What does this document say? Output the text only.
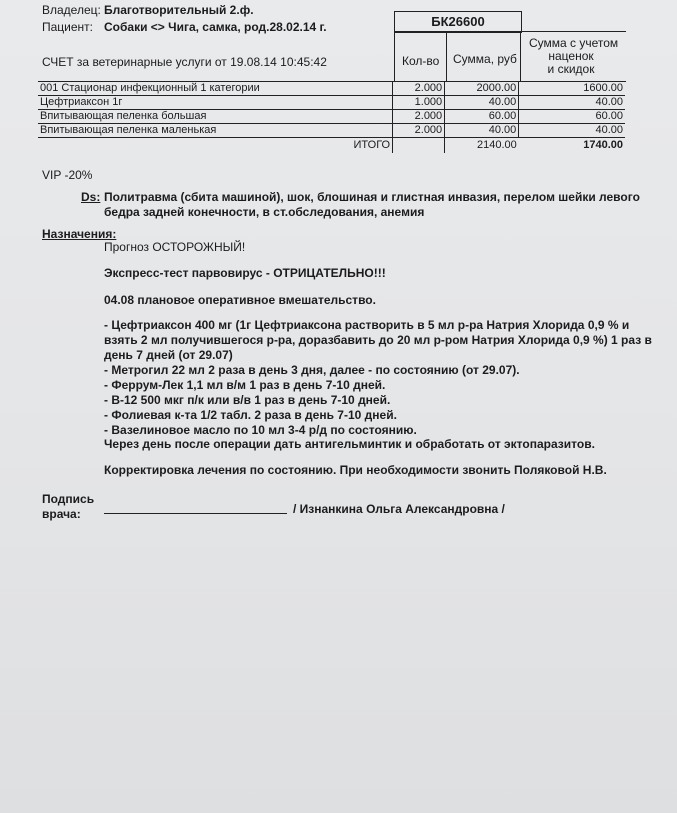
Владелец: Благотворительный 2.ф.
Пациент: Собаки <> Чига, самка, род.28.02.14 г.	БК26600
СЧЕТ за ветеринарные услуги от 19.08.14 10:45:42	Кол-во Сумма, руб
Сумма с учетом
наценок
и скидок
001 Стационар инфекционный 1 категории	2.000	2000.00	1600.00
Цефтриаксон 1г	1.000	40.00	40.00
Впитывающая пеленка большая	2.000	60.00	60.00
Впитывающая пеленка маленькая	2.000	40.00	40.00
ИТОГО		2140.00	1740.00
VIP -20%
Ds: Политравма (сбита машиной), шок, блошиная и глистная инвазия, перелом шейки левого
бедра задней конечности, в ст.обследования, анемия
Назначения:
Прогноз ОСТОРОЖНЫЙ!
Экспресс-тест парвовирус - ОТРИЦАТЕЛЬНО!!!
04.08 плановое оперативное вмешательство.
- Цефтриаксон 400 мг (1г Цефтриаксона растворить в 5 мл р-ра Натрия Хлорида 0,9 % и
взять 2 мл получившегося р-ра, доразбавить до 20 мл р-ром Натрия Хлорида 0,9 %) 1 раз в
день 7 дней (от 29.07)
- Метрогил 22 мл 2 раза в день 3 дня, далее - по состоянию (от 29.07).
- Феррум-Лек 1,1 мл в/м 1 раз в день 7-10 дней.
- В-12 500 мкг п/к или в/в 1 раз в день 7-10 дней.
- Фолиевая к-та 1/2 табл. 2 раза в день 7-10 дней.
- Вазелиновое масло по 10 мл 3-4 р/д по состоянию.
Через день после операции дать антигельминтик и обработать от эктопаразитов.
Корректировка лечения по состоянию. При необходимости звонить Поляковой Н.В.
Подпись
врача:	/ Изнанкина Ольга Александровна /
